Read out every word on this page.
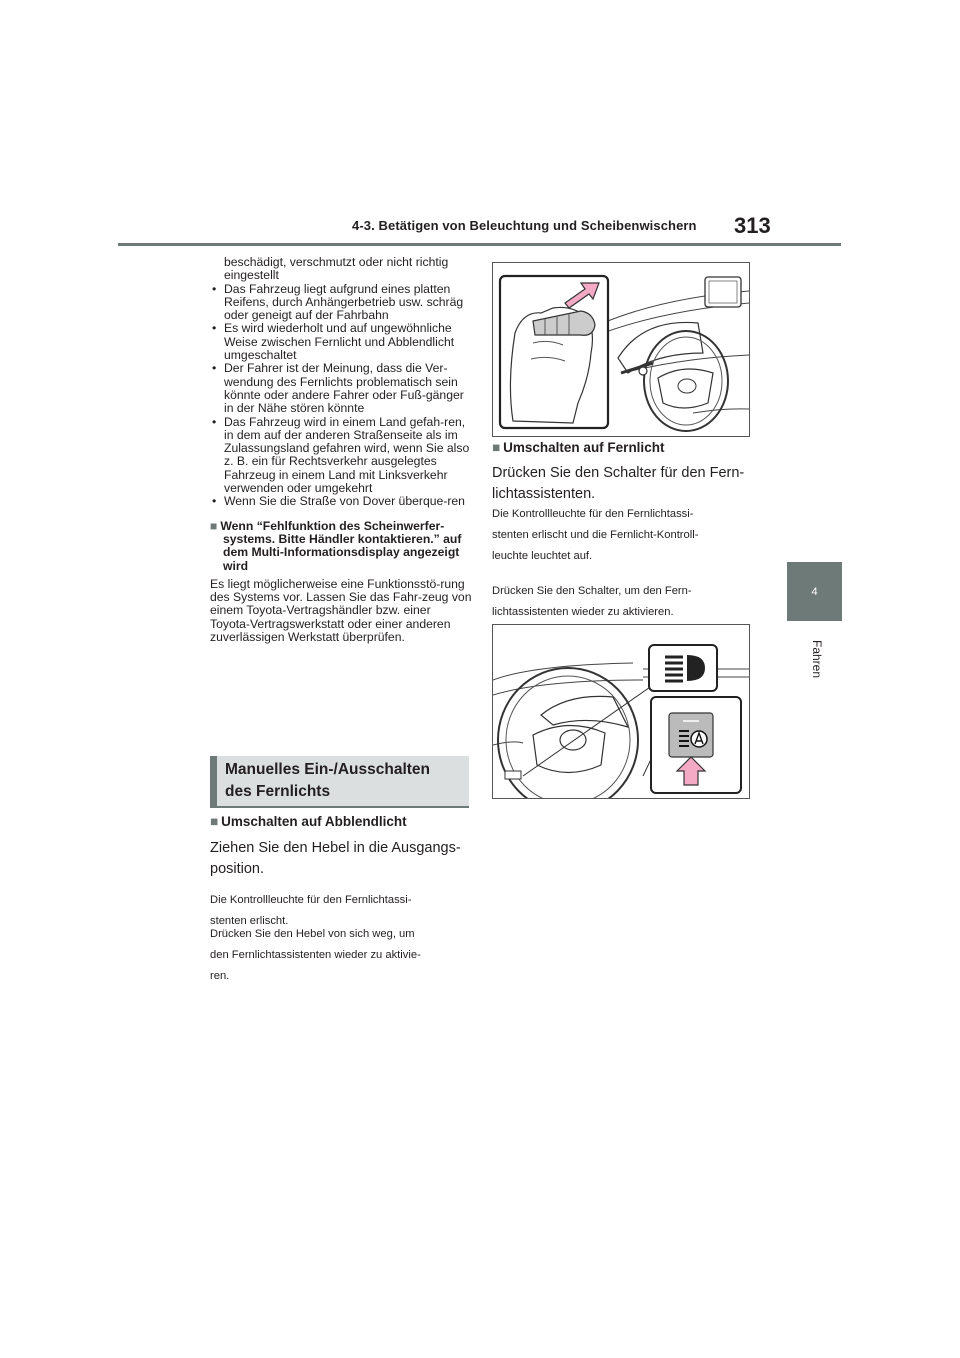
4-3. Betätigen von Beleuchtung und Scheibenwischern 313
4
Fahren
beschädigt, verschmutzt oder nicht richtig eingestellt
• Das Fahrzeug liegt aufgrund eines platten Reifens, durch Anhängerbetrieb usw. schräg oder geneigt auf der Fahrbahn
• Es wird wiederholt und auf ungewöhnliche Weise zwischen Fernlicht und Abblendlicht umgeschaltet
• Der Fahrer ist der Meinung, dass die Ver-wendung des Fernlichts problematisch sein könnte oder andere Fahrer oder Fuß-gänger in der Nähe stören könnte
• Das Fahrzeug wird in einem Land gefah-ren, in dem auf der anderen Straßenseite als im Zulassungsland gefahren wird, wenn Sie also z. B. ein für Rechtsverkehr ausgelegtes Fahrzeug in einem Land mit Linksverkehr verwenden oder umgekehrt
• Wenn Sie die Straße von Dover überque-ren
■ Wenn “Fehlfunktion des Scheinwerfer-systems. Bitte Händler kontaktieren.” auf dem Multi-Informationsdisplay angezeigt wird
Es liegt möglicherweise eine Funktionsstö-rung des Systems vor. Lassen Sie das Fahr-zeug von einem Toyota-Vertragshändler bzw. einer Toyota-Vertragswerkstatt oder einer anderen zuverlässigen Werkstatt überprüfen.
Manuelles Ein-/Ausschalten
des Fernlichts
■ Umschalten auf Abblendlicht
Ziehen Sie den Hebel in die Ausgangs-
position.
Die Kontrollleuchte für den Fernlichtassi-
stenten erlischt.
Drücken Sie den Hebel von sich weg, um
den Fernlichtassistenten wieder zu aktivie-
ren.
■ Umschalten auf Fernlicht
Drücken Sie den Schalter für den Fern-
lichtassistenten.
Die Kontrollleuchte für den Fernlichtassi-
stenten erlischt und die Fernlicht-Kontroll-
leuchte leuchtet auf.
Drücken Sie den Schalter, um den Fern-
lichtassistenten wieder zu aktivieren.
